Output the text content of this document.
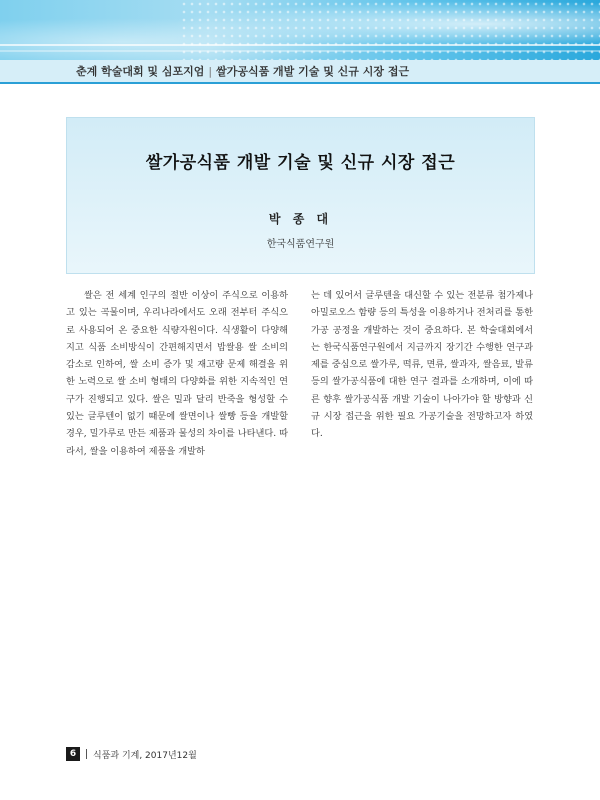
춘계 학술대회 및 심포지엄 | 쌀가공식품 개발 기술 및 신규 시장 접근
쌀가공식품 개발 기술 및 신규 시장 접근
박 종 대
한국식품연구원
쌀은 전 세계 인구의 절반 이상이 주식으로 이용하고 있는 곡물이며, 우리나라에서도 오래 전부터 주식으로 사용되어 온 중요한 식량자원이다. 식생활이 다양해지고 식품 소비방식이 간편해지면서 밥쌀용 쌀 소비의 감소로 인하여, 쌀 소비 증가 및 재고량 문제 해결을 위한 노력으로 쌀 소비 형태의 다양화를 위한 지속적인 연구가 진행되고 있다. 쌀은 밀과 달리 반죽을 형성할 수 있는 글루텐이 없기 때문에 쌀면이나 쌀빵 등을 개발할 경우, 밀가루로 만든 제품과 물성의 차이를 나타낸다. 따라서, 쌀을 이용하여 제품을 개발하
는 데 있어서 글루텐을 대신할 수 있는 전분류 첨가제나 아밀로오스 함량 등의 특성을 이용하거나 전처리를 통한 가공 공정을 개발하는 것이 중요하다. 본 학술대회에서는 한국식품연구원에서 지금까지 장기간 수행한 연구과제를 중심으로 쌀가루, 떡류, 면류, 쌀과자, 쌀음료, 발류 등의 쌀가공식품에 대한 연구 결과를 소개하며, 이에 따른 향후 쌀가공식품 개발 기술이 나아가야 할 방향과 신규 시장 접근을 위한 필요 가공기술을 전망하고자 하였다.
6	식품과 기계, 2017년12월
